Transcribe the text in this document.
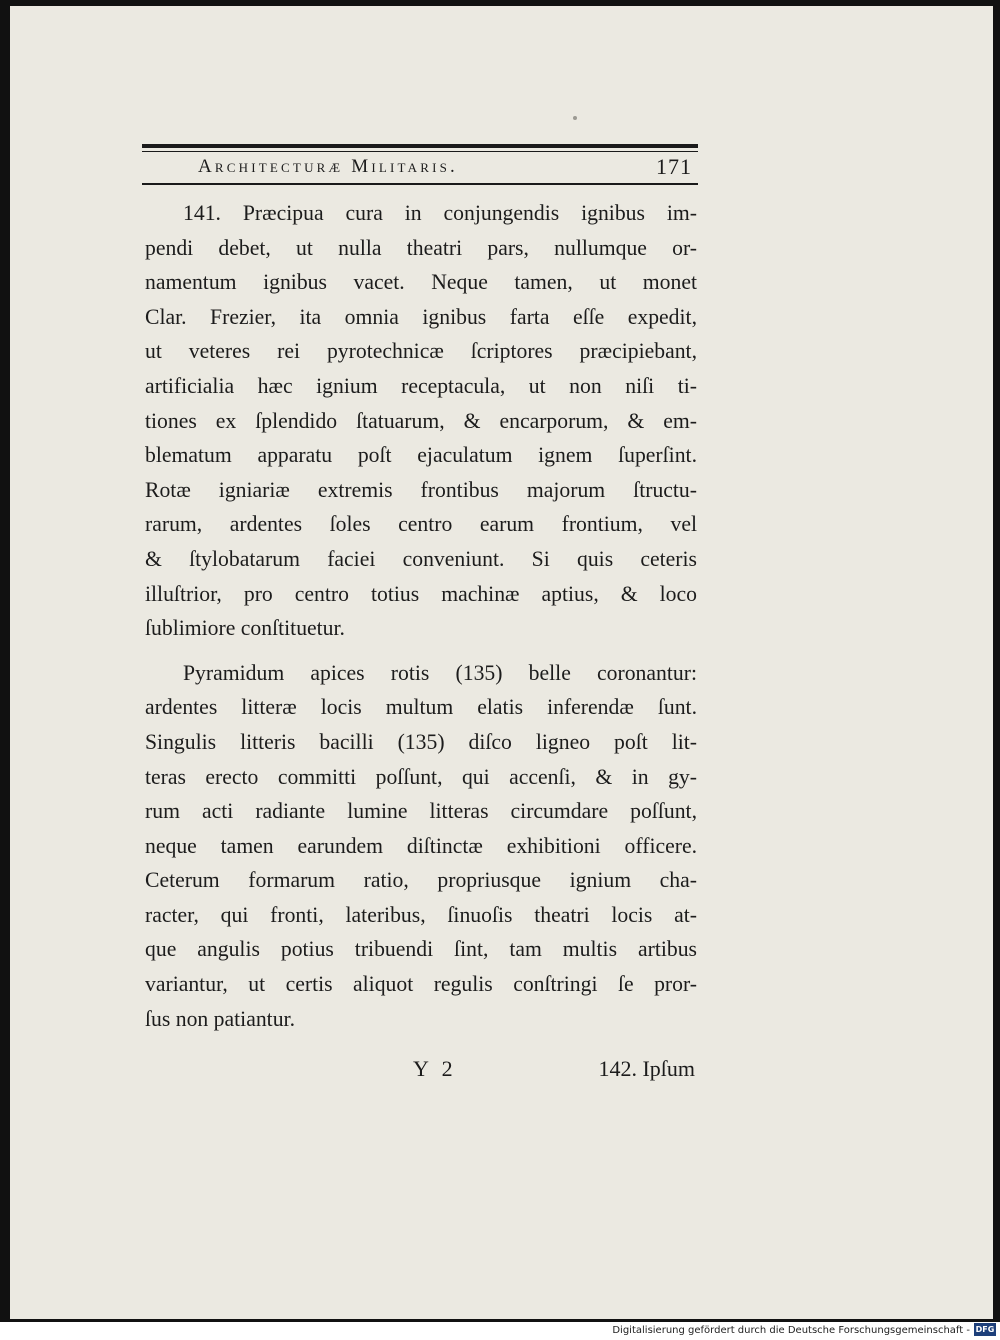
Architecturæ Militaris.	171
141. Præcipua cura in conjungendis ignibus im-
pendi debet, ut nulla theatri pars, nullumque or-
namentum ignibus vacet. Neque tamen, ut monet
Clar. Frezier, ita omnia ignibus farta eſſe expedit,
ut veteres rei pyrotechnicæ ſcriptores præcipiebant,
artificialia hæc ignium receptacula, ut non niſi ti-
tiones ex ſplendido ſtatuarum, & encarporum, & em-
blematum apparatu poſt ejaculatum ignem ſuperſint.
Rotæ igniariæ extremis frontibus majorum ſtructu-
rarum, ardentes ſoles centro earum frontium, vel
& ſtylobatarum faciei conveniunt. Si quis ceteris
illuſtrior, pro centro totius machinæ aptius, & loco
ſublimiore conſtituetur.
Pyramidum apices rotis (135) belle coronantur:
ardentes litteræ locis multum elatis inferendæ ſunt.
Singulis litteris bacilli (135) diſco ligneo poſt lit-
teras erecto committi poſſunt, qui accenſi, & in gy-
rum acti radiante lumine litteras circumdare poſſunt,
neque tamen earundem diſtinctæ exhibitioni officere.
Ceterum formarum ratio, propriusque ignium cha-
racter, qui fronti, lateribus, ſinuoſis theatri locis at-
que angulis potius tribuendi ſint, tam multis artibus
variantur, ut certis aliquot regulis conſtringi ſe pror-
ſus non patiantur.
Y 2	142. Ipſum
Digitalisierung gefördert durch die Deutsche Forschungsgemeinschaft - DFG
